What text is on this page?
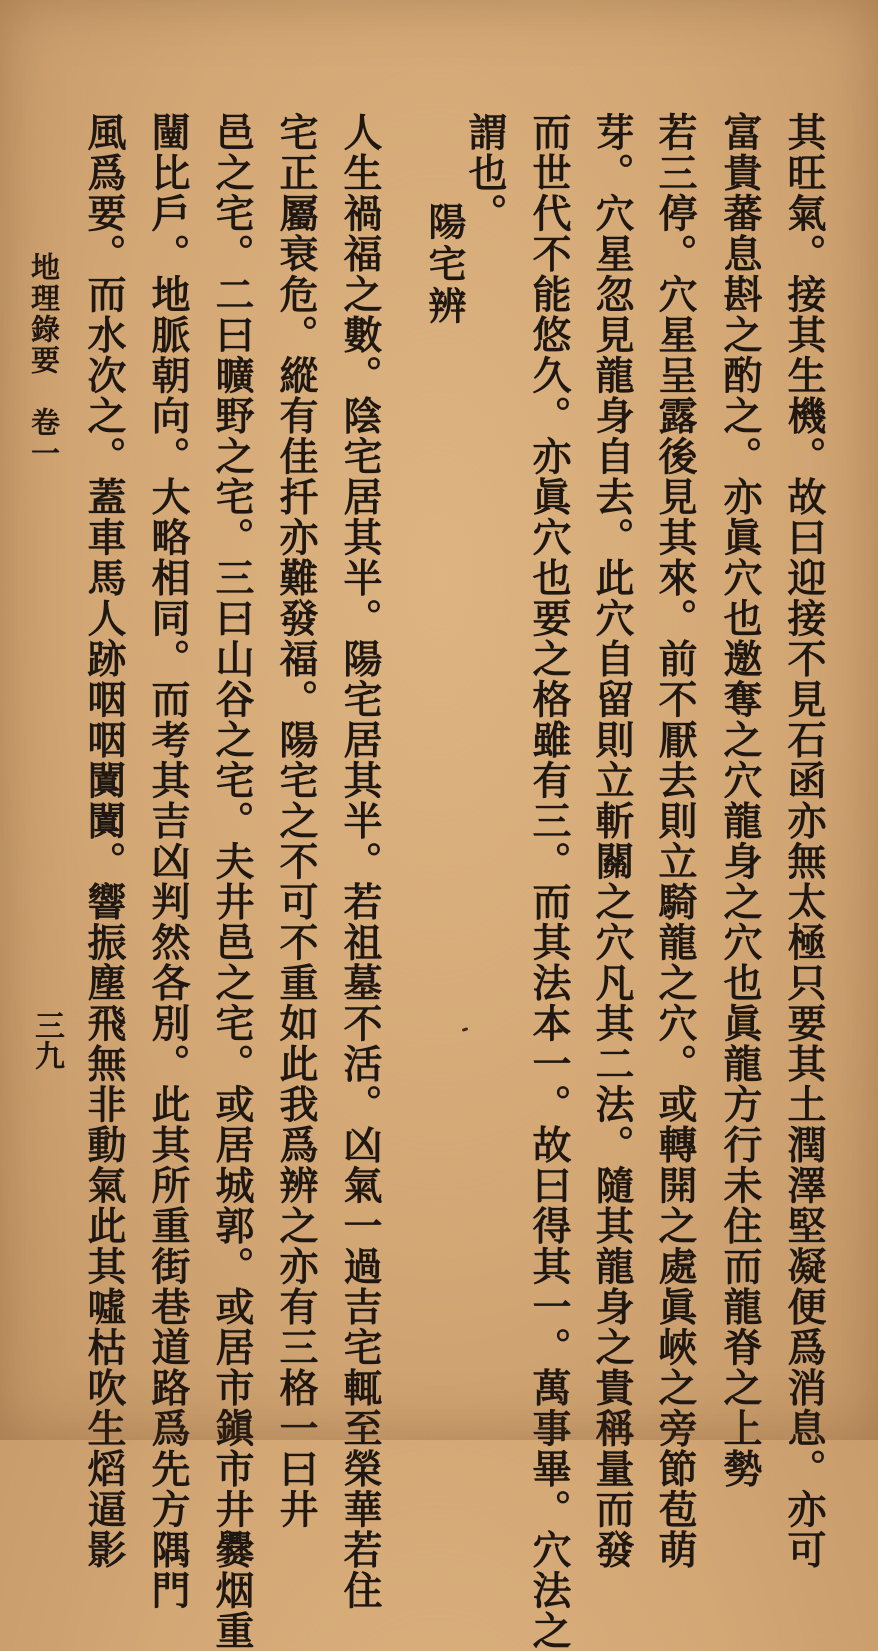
其旺氣。接其生機。故曰迎接不見石函亦無太極只要其土潤澤堅凝便爲消息。亦可
富貴蕃息斟之酌之。亦眞穴也邀奪之穴龍身之穴也眞龍方行未住而龍脊之上勢
若三停。穴星呈露後見其來。前不厭去則立騎龍之穴。或轉開之處眞峽之旁節苞萌
芽。穴星忽見龍身自去。此穴自留則立斬關之穴凡其二法。隨其龍身之貴稱量而發
而世代不能悠久。亦眞穴也要之格雖有三。而其法本一。故曰得其一。萬事畢。穴法之
謂也。
陽宅辨
人生禍福之數。陰宅居其半。陽宅居其半。若祖墓不活。凶氣一過吉宅輒至榮華若住
宅正屬衰危。縱有佳扦亦難發福。陽宅之不可不重如此我爲辨之亦有三格一曰井
邑之宅。二曰曠野之宅。三曰山谷之宅。夫井邑之宅。或居城郭。或居市鎭市井爨烟重
闉比戶。地脈朝向。大略相同。而考其吉凶判然各別。此其所重街巷道路爲先方隅門
風爲要。而水次之。蓋車馬人跡咽咽闐闐。響振塵飛無非動氣此其噓枯吹生熖逼影
地理錄要　卷一
三九
